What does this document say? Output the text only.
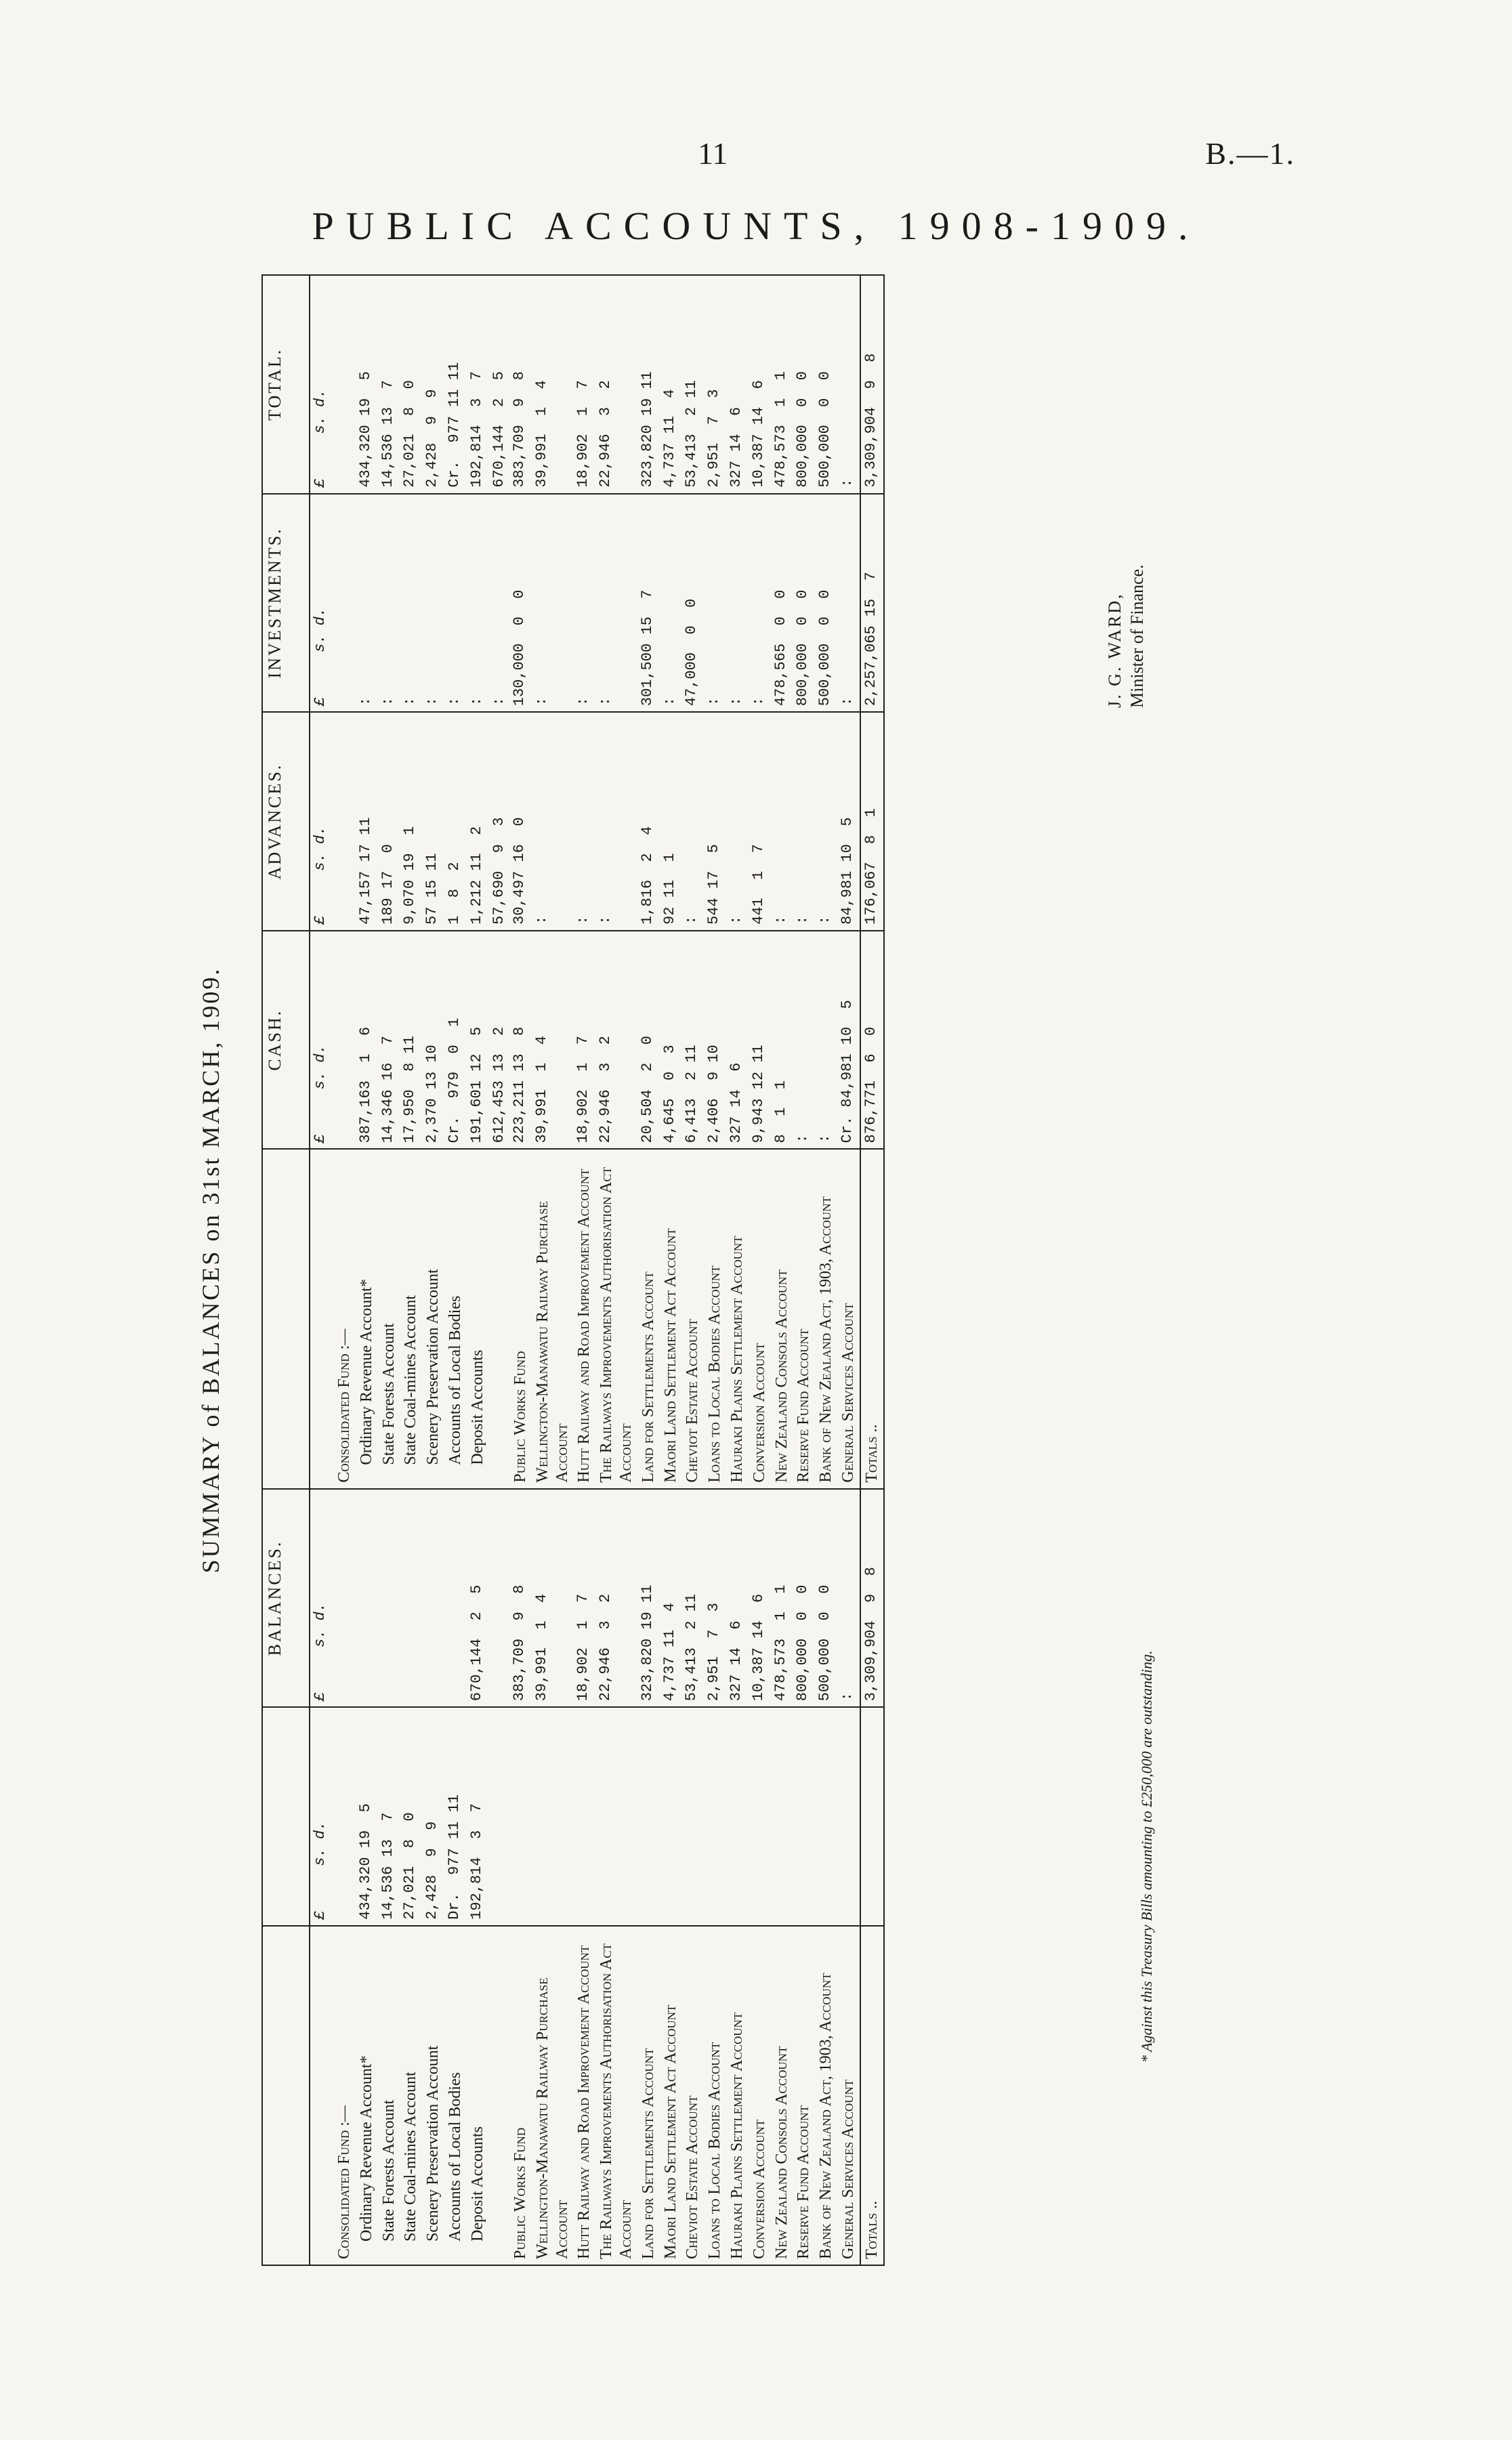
11	B.—1.
PUBLIC ACCOUNTS, 1908-1909.
SUMMARY of BALANCES on 31st MARCH, 1909.
		BALANCES.		CASH.	ADVANCES.	INVESTMENTS.	TOTAL.
	£     s. d.	£     s. d.		£     s. d.	£     s. d.	£     s. d.	£     s. d.
Consolidated Fund :—			Consolidated Fund :—				
Ordinary Revenue Account*	434,320 19  5		Ordinary Revenue Account*	387,163  1  6	47,157 17 11	:	434,320 19  5
State Forests Account	14,536 13  7		State Forests Account	14,346 16  7	189 17  0	:	14,536 13  7
State Coal-mines Account	27,021  8  0		State Coal-mines Account	17,950  8 11	9,070 19  1	:	27,021  8  0
Scenery Preservation Account	2,428  9  9		Scenery Preservation Account	2,370 13 10	57 15 11	:	2,428  9  9
Accounts of Local Bodies	Dr.  977 11 11		Accounts of Local Bodies	Cr.  979  0  1	1  8  2	:	Cr.  977 11 11
Deposit Accounts	192,814  3  7	670,144  2  5	Deposit Accounts	191,601 12  5	1,212 11  2	:	192,814  3  7
				612,453 13  2	57,690  9  3	:	670,144  2  5
Public Works Fund		383,709  9  8	Public Works Fund	223,211 13  8	30,497 16  0	130,000  0  0	383,709  9  8
Wellington-Manawatu Railway Purchase Account		39,991  1  4	Wellington-Manawatu Railway Purchase Account	39,991  1  4	:	:	39,991  1  4
Hutt Railway and Road Improvement Account		18,902  1  7	Hutt Railway and Road Improvement Account	18,902  1  7	:	:	18,902  1  7
The Railways Improvements Authorisation Act Account		22,946  3  2	The Railways Improvements Authorisation Act Account	22,946  3  2	:	:	22,946  3  2
Land for Settlements Account		323,820 19 11	Land for Settlements Account	20,504  2  0	1,816  2  4	301,500 15  7	323,820 19 11
Maori Land Settlement Act Account		4,737 11  4	Maori Land Settlement Act Account	4,645  0  3	92 11  1	:	4,737 11  4
Cheviot Estate Account		53,413  2 11	Cheviot Estate Account	6,413  2 11	:	47,000  0  0	53,413  2 11
Loans to Local Bodies Account		2,951  7  3	Loans to Local Bodies Account	2,406  9 10	544 17  5	:	2,951  7  3
Hauraki Plains Settlement Account		327 14  6	Hauraki Plains Settlement Account	327 14  6	:	:	327 14  6
Conversion Account		10,387 14  6	Conversion Account	9,943 12 11	441  1  7	:	10,387 14  6
New Zealand Consols Account		478,573  1  1	New Zealand Consols Account	8  1  1	:	478,565  0  0	478,573  1  1
Reserve Fund Account		800,000  0  0	Reserve Fund Account	:	:	800,000  0  0	800,000  0  0
Bank of New Zealand Act, 1903, Account		500,000  0  0	Bank of New Zealand Act, 1903, Account	:	:	500,000  0  0	500,000  0  0
General Services Account		:	General Services Account	Cr. 84,981 10  5	84,981 10  5	:	:
Totals ..		3,309,904  9  8	Totals ..	876,771  6  0	176,067  8  1	2,257,065 15  7	3,309,904  9  8
* Against this Treasury Bills amounting to £250,000 are outstanding.
J. G. WARD, Minister of Finance.
